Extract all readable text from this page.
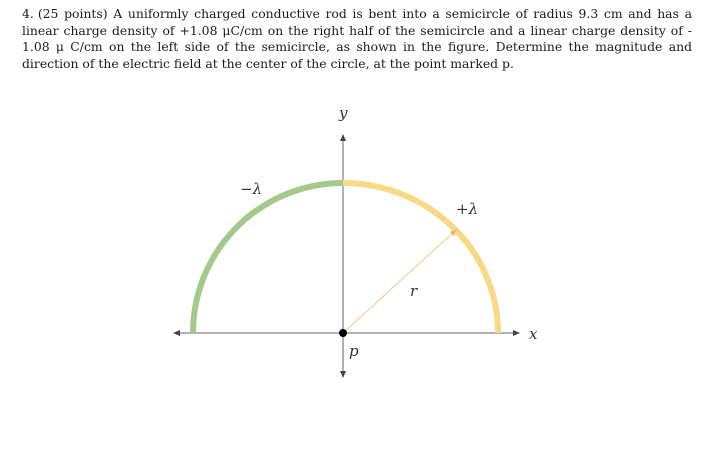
4. (25 points) A uniformly charged conductive rod is bent into a semicircle of radius 9.3 cm and has a linear charge density of +1.08 μC/cm on the right half of the semicircle and a linear charge density of - 1.08 μ C/cm on the left side of the semicircle, as shown in the figure. Determine the magnitude and direction of the electric field at the center of the circle, at the point marked p.
y
x
−λ
+λ
r
p
